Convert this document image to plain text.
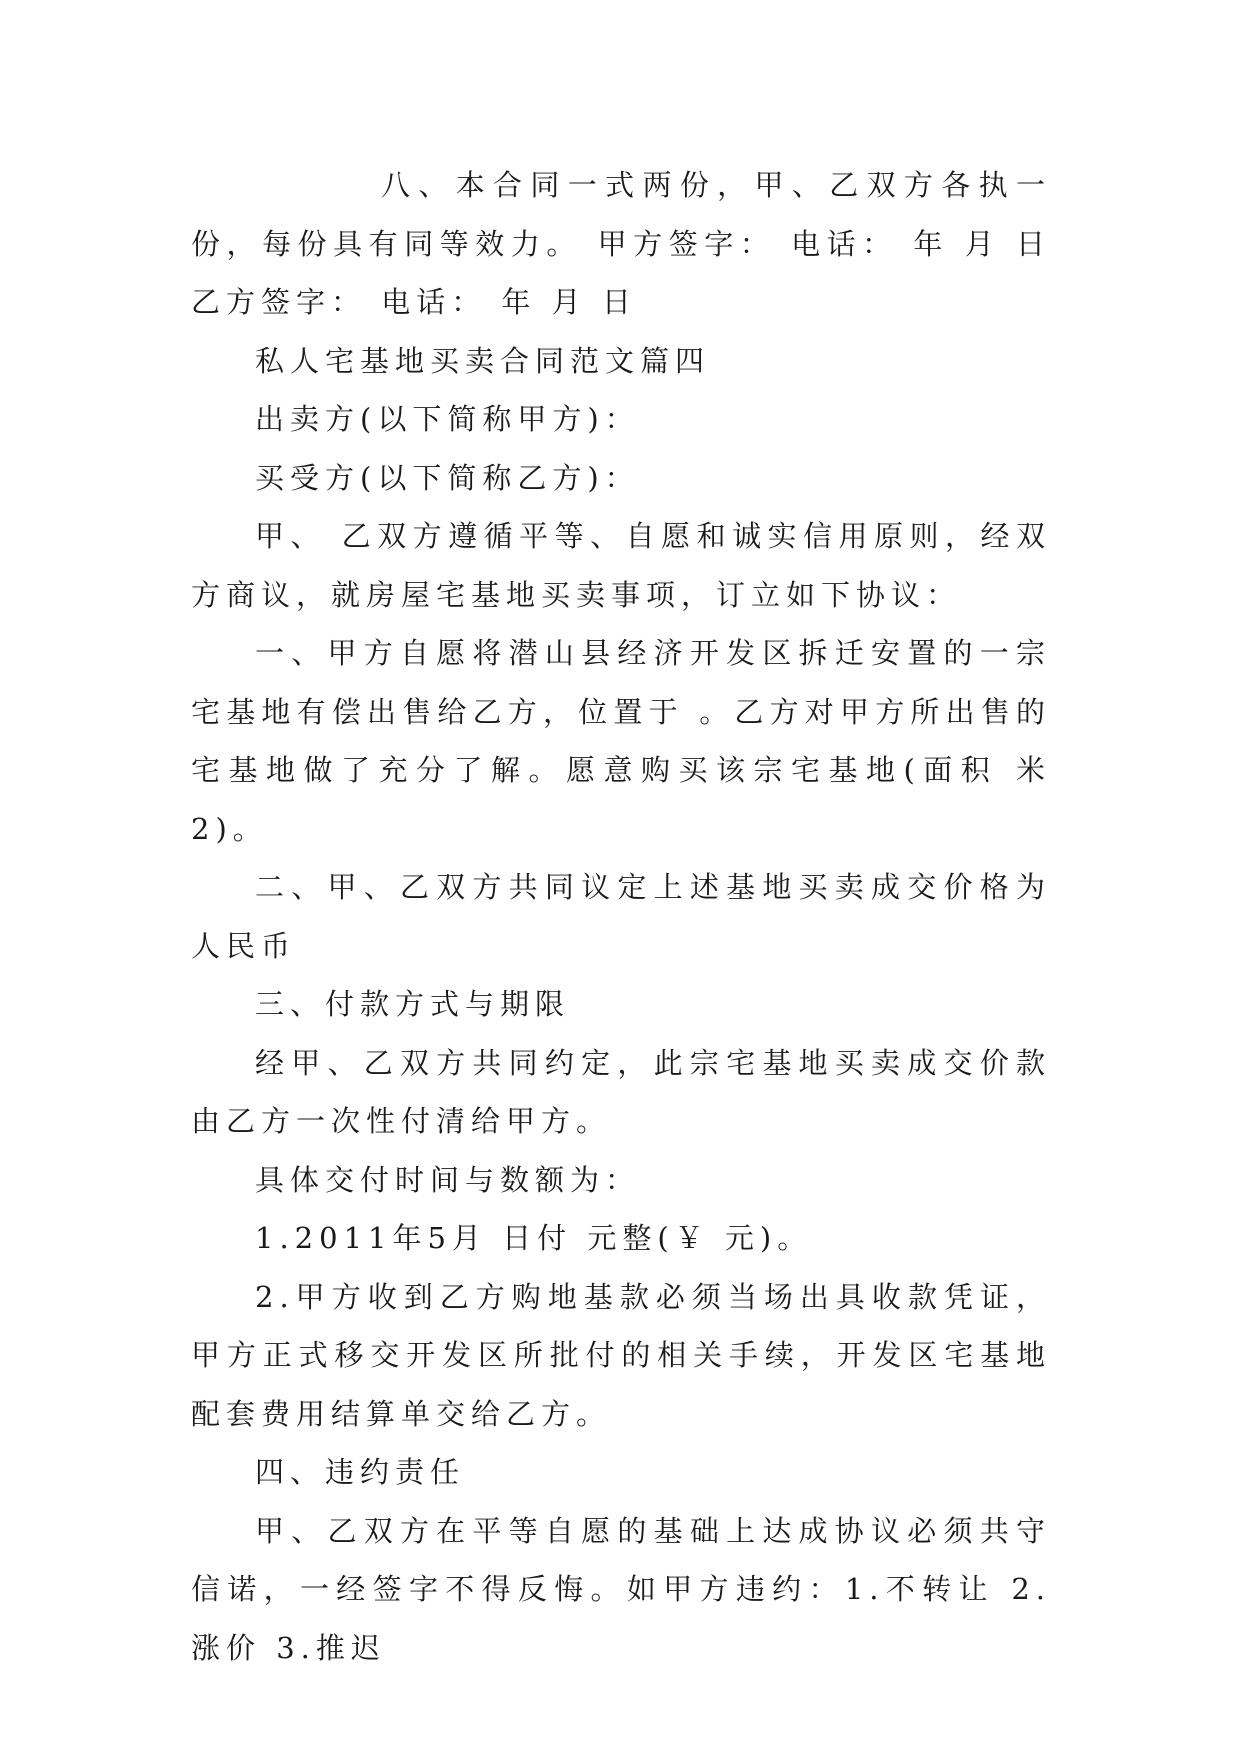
八、本合同一式两份，甲、乙双方各执一份，每份具有同等效力。 甲方签字： 电话： 年 月 日 乙方签字： 电话： 年 月 日

私人宅基地买卖合同范文篇四

出卖方(以下简称甲方)：

买受方(以下简称乙方)：

甲、 乙双方遵循平等、自愿和诚实信用原则，经双方商议，就房屋宅基地买卖事项，订立如下协议：

一、甲方自愿将潜山县经济开发区拆迁安置的一宗宅基地有偿出售给乙方，位置于 。乙方对甲方所出售的宅基地做了充分了解。愿意购买该宗宅基地(面积 米2)。

二、甲、乙双方共同议定上述基地买卖成交价格为人民币

三、付款方式与期限

经甲、乙双方共同约定，此宗宅基地买卖成交价款由乙方一次性付清给甲方。

具体交付时间与数额为：

1.2011年5月 日付 元整(￥ 元)。

2.甲方收到乙方购地基款必须当场出具收款凭证，甲方正式移交开发区所批付的相关手续，开发区宅基地配套费用结算单交给乙方。

四、违约责任

甲、乙双方在平等自愿的基础上达成协议必须共守信诺，一经签字不得反悔。如甲方违约：1.不转让 2.涨价 3.推迟
